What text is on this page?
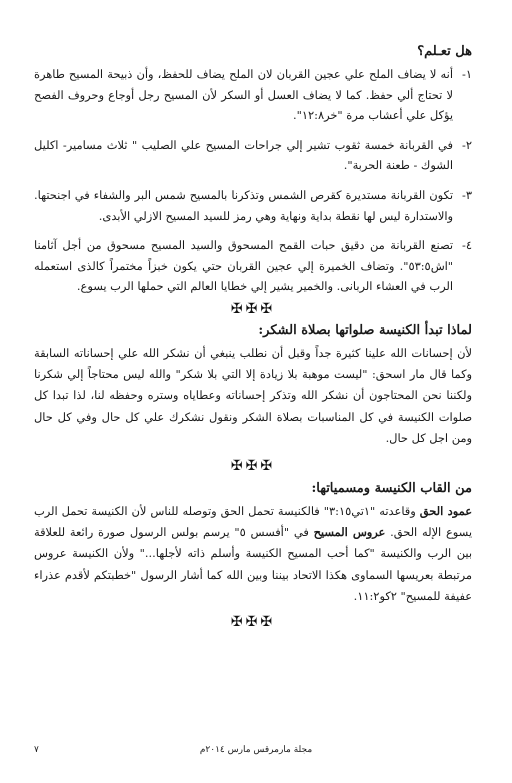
هل تعـلم؟
١-
أنه لا يضاف الملح علي عجين القربان لان الملح يضاف للحفظ، وأن ذبيحة المسيح طاهرة لا تحتاج ألي حفظ. كما لا يضاف العسل أو السكر لأن المسيح رجل أوجاع وحروف الفصح يؤكل علي أعشاب مرة "خر١٢:٨".
٢-
في القربانة خمسة ثقوب تشير إلي جراحات المسيح علي الصليب " ثلاث مسامير- اكليل الشوك - طعنة الحربة".
٣-
تكون القربانة مستديرة كقرص الشمس وتذكرنا بالمسيح شمس البر والشفاء في اجنحتها. والاستدارة ليس لها نقطة بداية ونهاية وهي رمز للسيد المسيح الازلي الأبدى.
٤-
تصنع القربانة من دقيق حبات القمح المسحوق والسيد المسيح مسحوق من أجل آثامنا "اش٥٣:٥". وتضاف الخميرة إلي عجين القربان حتي يكون خبزاً مختمراً كالذى استعمله الرب في العشاء الربانى. والخمير يشير إلي خطايا العالم التي حملها الرب يسوع.
✠✠✠
لماذا تبدأ الكنيسة صلواتها بصلاة الشكر:

لأن إحسانات الله علينا كثيرة جداً وقبل أن نطلب ينبغي أن نشكر الله علي إحساناته السابقة وكما قال مار اسحق: "ليست موهبة بلا زيادة إلا التي بلا شكر" والله ليس محتاجاً إلي شكرنا ولكننا نحن المحتاجون أن نشكر الله وتذكر إحساناته وعطاياه وستره وحفظه لنا، لذا تبدا كل صلوات الكنيسة في كل المناسبات بصلاة الشكر ونقول نشكرك علي كل حال وفي كل حال ومن اجل كل حال.

✠✠✠
من القاب الكنيسة ومسمياتها:

عمود الحق وقاعدته "١تي٣:١٥" فالكنيسة تحمل الحق وتوصله للناس لأن الكنيسة تحمل الرب يسوع الإله الحق. عروس المسيح في "أفسس ٥" يرسم بولس الرسول صورة رائعة للعلاقة بين الرب والكنيسة "كما أحب المسيح الكنيسة وأسلم ذاته لأجلها..." ولأن الكنيسة عروس مرتبطة بعريسها السماوى هكذا الاتحاد بيننا وبين الله كما أشار الرسول "خطبتكم لأقدم عذراء عفيفة للمسيح" ٢كو١١:٢.

✠✠✠
مجلة مارمرقس مارس ٢٠١٤م
٧
